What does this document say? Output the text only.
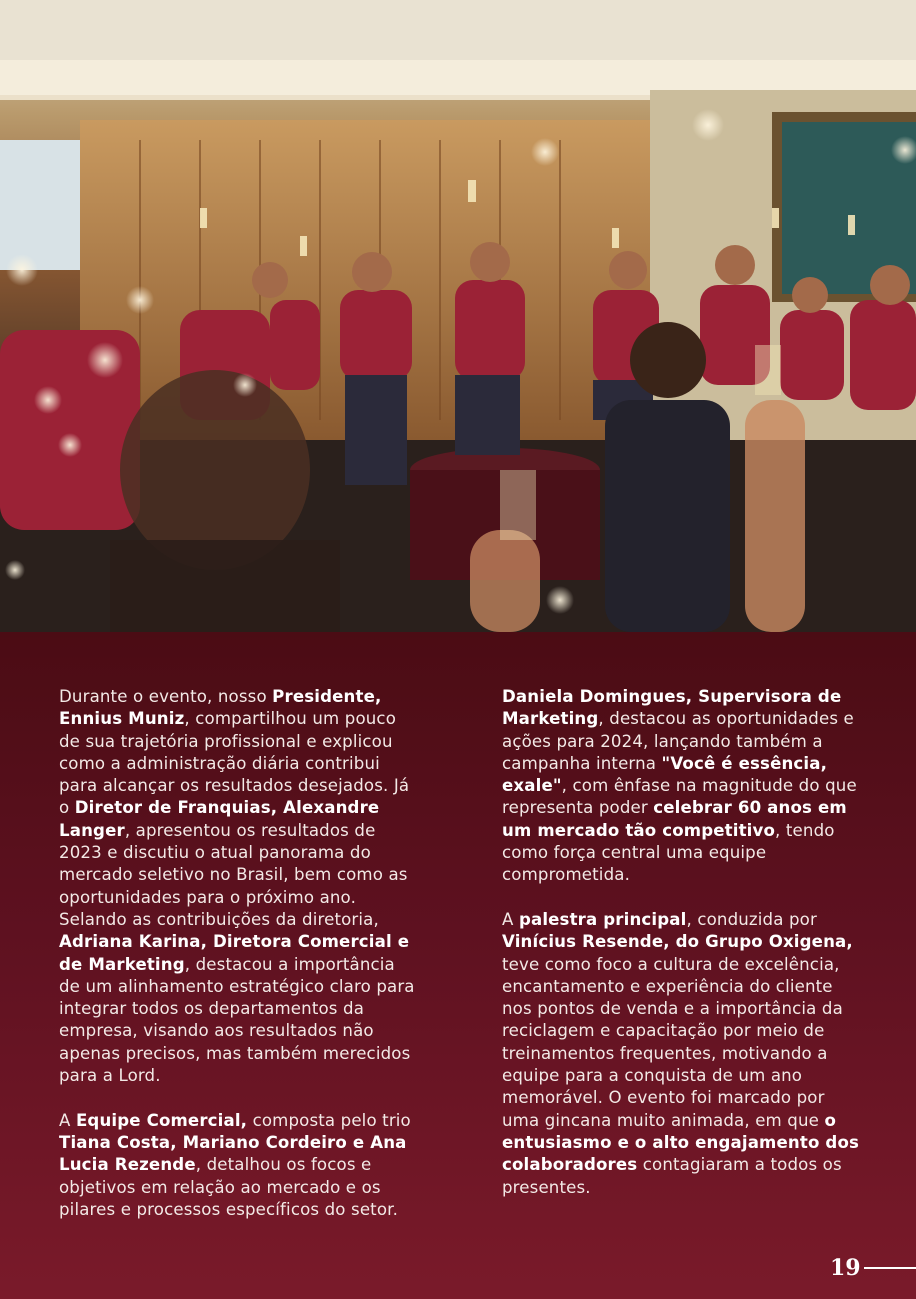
Durante o evento, nosso Presidente, Ennius Muniz, compartilhou um pouco de sua trajetória profissional e explicou como a administração diária contribui para alcançar os resultados desejados. Já o Diretor de Franquias, Alexandre Langer, apresentou os resultados de 2023 e discutiu o atual panorama do mercado seletivo no Brasil, bem como as oportunidades para o próximo ano. Selando as contribuições da diretoria, Adriana Karina, Diretora Comercial e de Marketing, destacou a importância de um alinhamento estratégico claro para integrar todos os departamentos da empresa, visando aos resultados não apenas precisos, mas também merecidos para a Lord.

A Equipe Comercial, composta pelo trio Tiana Costa, Mariano Cordeiro e Ana Lucia Rezende, detalhou os focos e objetivos em relação ao mercado e os pilares e processos específicos do setor.

Daniela Domingues, Supervisora de Marketing, destacou as oportunidades e ações para 2024, lançando também a campanha interna "Você é essência, exale", com ênfase na magnitude do que representa poder celebrar 60 anos em um mercado tão competitivo, tendo como força central uma equipe comprometida.

A palestra principal, conduzida por Vinícius Resende, do Grupo Oxigena, teve como foco a cultura de excelência, encantamento e experiência do cliente nos pontos de venda e a importância da reciclagem e capacitação por meio de treinamentos frequentes, motivando a equipe para a conquista de um ano memorável. O evento foi marcado por uma gincana muito animada, em que o entusiasmo e o alto engajamento dos colaboradores contagiaram a todos os presentes.

19
